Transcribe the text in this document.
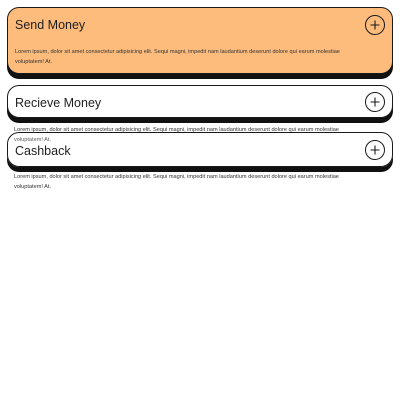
Send Money

Lorem ipsum, dolor sit amet consectetur adipisicing elit. Sequi magni, impedit nam laudantium deserunt dolore qui earum molestiae voluptatem! At.

Recieve Money

Lorem ipsum, dolor sit amet consectetur adipisicing elit. Sequi magni, impedit nam laudantium deserunt dolore qui earum molestiae voluptatem! At.

Cashback

Lorem ipsum, dolor sit amet consectetur adipisicing elit. Sequi magni, impedit nam laudantium deserunt dolore qui earum molestiae voluptatem! At.
